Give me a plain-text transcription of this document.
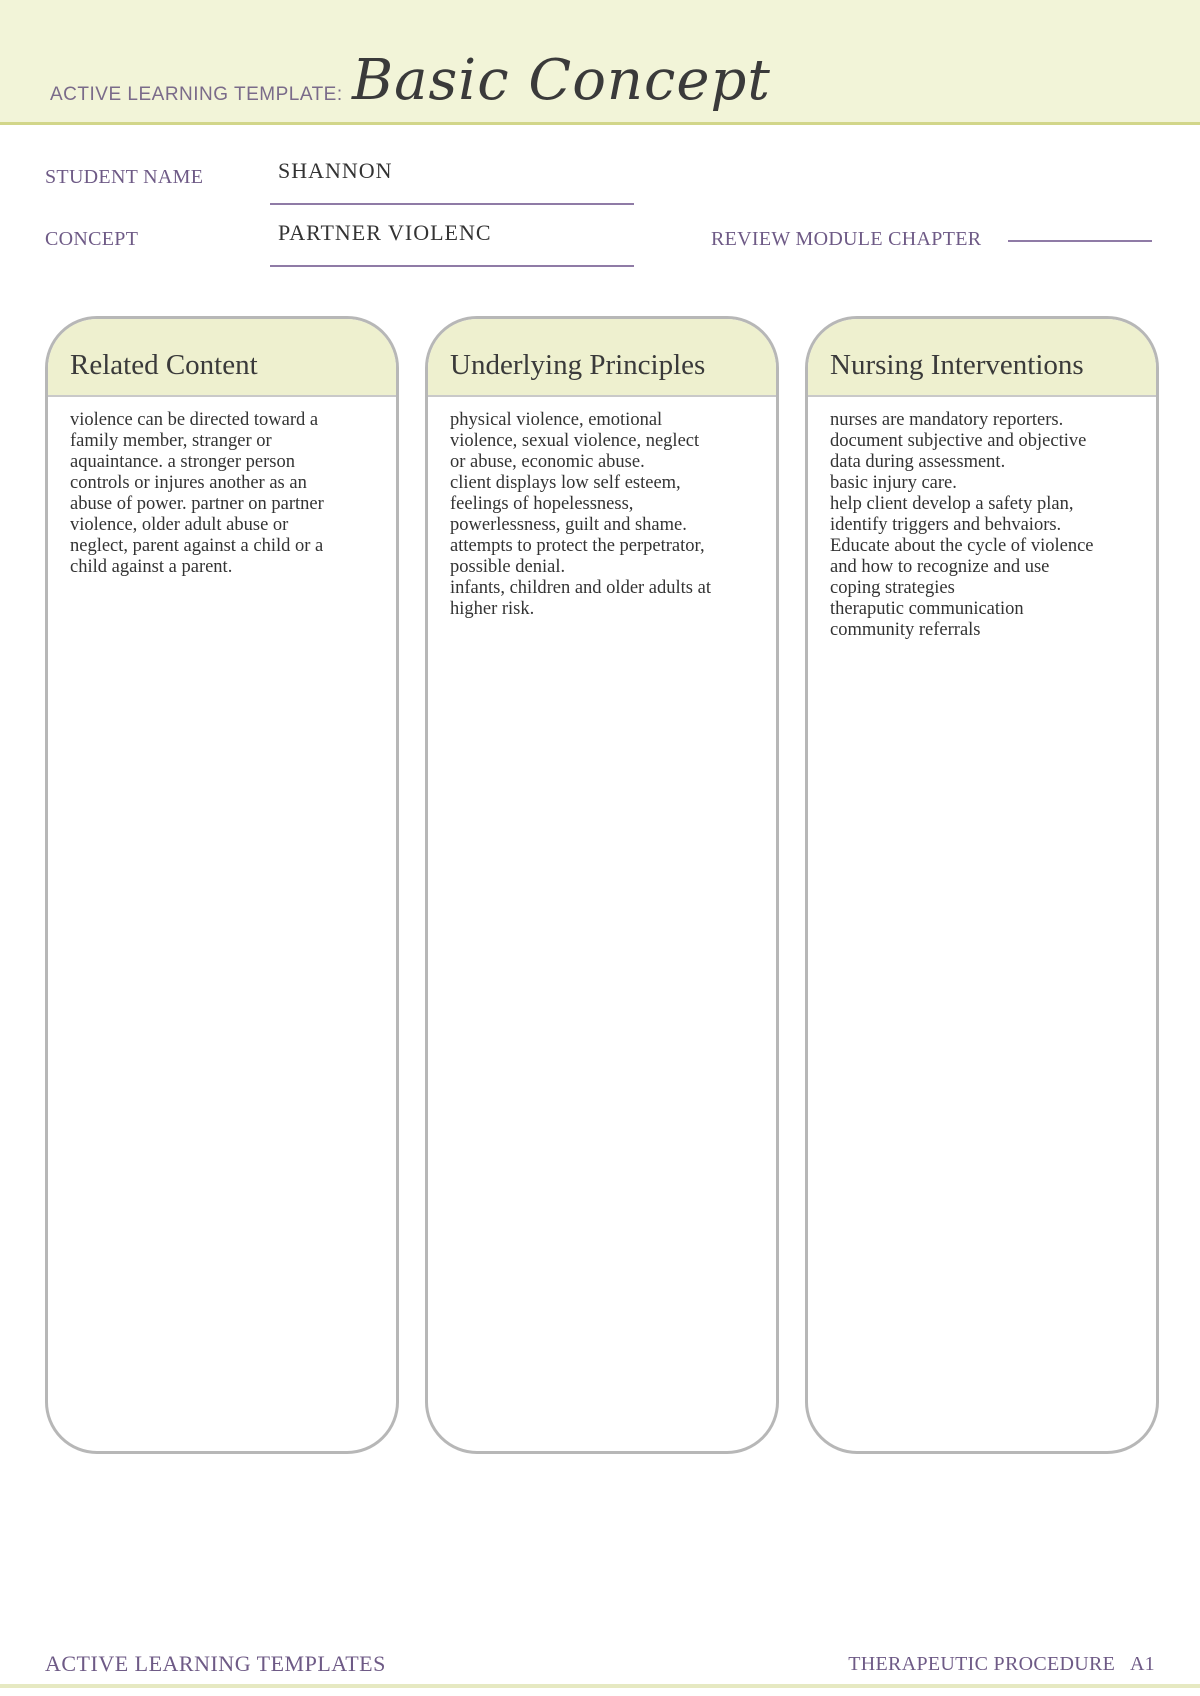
ACTIVE LEARNING TEMPLATE: Basic Concept
STUDENT NAME	SHANNON
CONCEPT	PARTNER VIOLENC	REVIEW MODULE CHAPTER
Related Content
violence can be directed toward a
family member, stranger or
aquaintance. a stronger person
controls or injures another as an
abuse of power. partner on partner
violence, older adult abuse or
neglect, parent against a child or a
child against a parent.
Underlying Principles
physical violence, emotional
violence, sexual violence, neglect
or abuse, economic abuse.
client displays low self esteem,
feelings of hopelessness,
powerlessness, guilt and shame.
attempts to protect the perpetrator,
possible denial.
infants, children and older adults at
higher risk.
Nursing Interventions
nurses are mandatory reporters.
document subjective and objective
data during assessment.
basic injury care.
help client develop a safety plan,
identify triggers and behvaiors.
Educate about the cycle of violence
and how to recognize and use
coping strategies
theraputic communication
community referrals
ACTIVE LEARNING TEMPLATES	THERAPEUTIC PROCEDURE   A1
